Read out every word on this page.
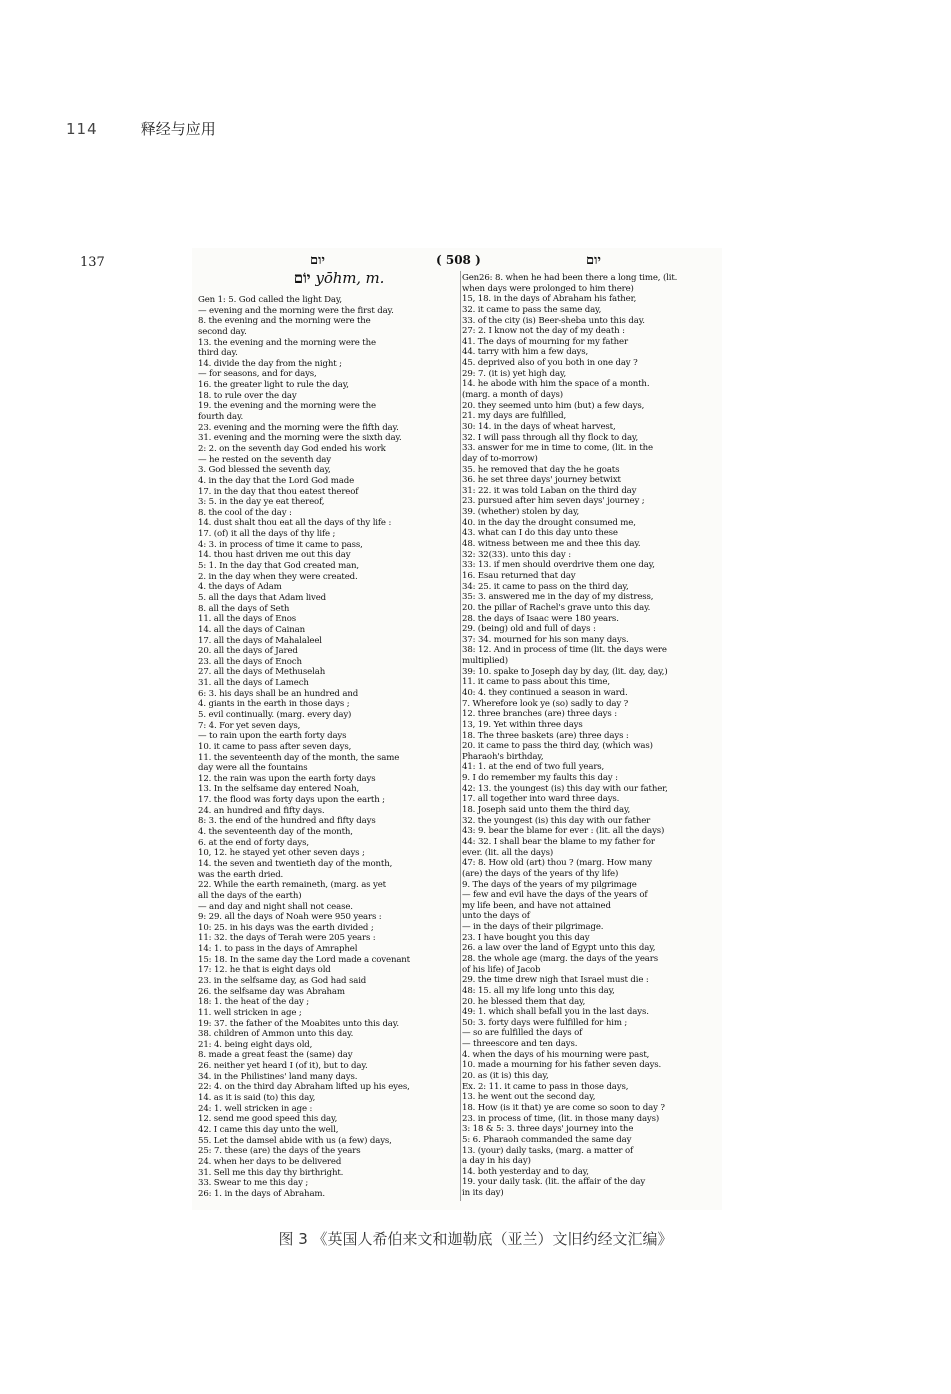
114	释经与应用
137	יום	( 508 )	יום
יוֹם yōhm, m.
Gen 1: 5. God called the light Day,
— evening and the morning were the first day.
8. the evening and the morning were the
second day.
13. the evening and the morning were the
third day.
14. divide the day from the night ;
— for seasons, and for days,
16. the greater light to rule the day,
18. to rule over the day
19. the evening and the morning were the
fourth day.
23. evening and the morning were the fifth day.
31. evening and the morning were the sixth day.
2: 2. on the seventh day God ended his work
— he rested on the seventh day
3. God blessed the seventh day,
4. in the day that the Lord God made
17. in the day that thou eatest thereof
3: 5. in the day ye eat thereof,
8. the cool of the day :
14. dust shalt thou eat all the days of thy life :
17. (of) it all the days of thy life ;
4: 3. in process of time it came to pass,
14. thou hast driven me out this day
5: 1. In the day that God created man,
2. in the day when they were created.
4. the days of Adam
5. all the days that Adam lived
8. all the days of Seth
11. all the days of Enos
14. all the days of Cainan
17. all the days of Mahalaleel
20. all the days of Jared
23. all the days of Enoch
27. all the days of Methuselah
31. all the days of Lamech
6: 3. his days shall be an hundred and
4. giants in the earth in those days ;
5. evil continually. (marg. every day)
7: 4. For yet seven days,
— to rain upon the earth forty days
10. it came to pass after seven days,
11. the seventeenth day of the month, the same
day were all the fountains
12. the rain was upon the earth forty days
13. In the selfsame day entered Noah,
17. the flood was forty days upon the earth ;
24. an hundred and fifty days.
8: 3. the end of the hundred and fifty days
4. the seventeenth day of the month,
6. at the end of forty days,
10, 12. he stayed yet other seven days ;
14. the seven and twentieth day of the month,
was the earth dried.
22. While the earth remaineth, (marg. as yet
all the days of the earth)
— and day and night shall not cease.
9: 29. all the days of Noah were 950 years :
10: 25. in his days was the earth divided ;
11: 32. the days of Terah were 205 years :
14: 1. to pass in the days of Amraphel
15: 18. In the same day the Lord made a covenant
17: 12. he that is eight days old
23. in the selfsame day, as God had said
26. the selfsame day was Abraham
18: 1. the heat of the day ;
11. well stricken in age ;
19: 37. the father of the Moabites unto this day.
38. children of Ammon unto this day.
21: 4. being eight days old,
8. made a great feast the (same) day
26. neither yet heard I (of it), but to day.
34. in the Philistines' land many days.
22: 4. on the third day Abraham lifted up his eyes,
14. as it is said (to) this day,
24: 1. well stricken in age :
12. send me good speed this day,
42. I came this day unto the well,
55. Let the damsel abide with us (a few) days,
25: 7. these (are) the days of the years
24. when her days to be delivered
31. Sell me this day thy birthright.
33. Swear to me this day ;
26: 1. in the days of Abraham.
Gen26: 8. when he had been there a long time, (lit.
when days were prolonged to him there)
15, 18. in the days of Abraham his father,
32. it came to pass the same day,
33. of the city (is) Beer-sheba unto this day.
27: 2. I know not the day of my death :
41. The days of mourning for my father
44. tarry with him a few days,
45. deprived also of you both in one day ?
29: 7. (it is) yet high day,
14. he abode with him the space of a month.
(marg. a month of days)
20. they seemed unto him (but) a few days,
21. my days are fulfilled,
30: 14. in the days of wheat harvest,
32. I will pass through all thy flock to day,
33. answer for me in time to come, (lit. in the
day of to-morrow)
35. he removed that day the he goats
36. he set three days' journey betwixt
31: 22. it was told Laban on the third day
23. pursued after him seven days' journey ;
39. (whether) stolen by day,
40. in the day the drought consumed me,
43. what can I do this day unto these
48. witness between me and thee this day.
32: 32(33). unto this day :
33: 13. if men should overdrive them one day,
16. Esau returned that day
34: 25. it came to pass on the third day,
35: 3. answered me in the day of my distress,
20. the pillar of Rachel's grave unto this day.
28. the days of Isaac were 180 years.
29. (being) old and full of days :
37: 34. mourned for his son many days.
38: 12. And in process of time (lit. the days were
multiplied)
39: 10. spake to Joseph day by day, (lit. day, day,)
11. it came to pass about this time,
40: 4. they continued a season in ward.
7. Wherefore look ye (so) sadly to day ?
12. three branches (are) three days :
13, 19. Yet within three days
18. The three baskets (are) three days :
20. it came to pass the third day, (which was)
Pharaoh's birthday,
41: 1. at the end of two full years,
9. I do remember my faults this day :
42: 13. the youngest (is) this day with our father,
17. all together into ward three days.
18. Joseph said unto them the third day,
32. the youngest (is) this day with our father
43: 9. bear the blame for ever : (lit. all the days)
44: 32. I shall bear the blame to my father for
ever. (lit. all the days)
47: 8. How old (art) thou ? (marg. How many
(are) the days of the years of thy life)
9. The days of the years of my pilgrimage
— few and evil have the days of the years of
my life been, and have not attained
unto the days of
— in the days of their pilgrimage.
23. I have bought you this day
26. a law over the land of Egypt unto this day,
28. the whole age (marg. the days of the years
of his life) of Jacob
29. the time drew nigh that Israel must die :
48: 15. all my life long unto this day,
20. he blessed them that day,
49: 1. which shall befall you in the last days.
50: 3. forty days were fulfilled for him ;
— so are fulfilled the days of
— threescore and ten days.
4. when the days of his mourning were past,
10. made a mourning for his father seven days.
20. as (it is) this day,
Ex. 2: 11. it came to pass in those days,
13. he went out the second day,
18. How (is it that) ye are come so soon to day ?
23. in process of time, (lit. in those many days)
3: 18 & 5: 3. three days' journey into the
5: 6. Pharaoh commanded the same day
13. (your) daily tasks, (marg. a matter of
a day in his day)
14. both yesterday and to day,
19. your daily task. (lit. the affair of the day
in its day)
图 3 《英国人希伯来文和迦勒底（亚兰）文旧约经文汇编》
